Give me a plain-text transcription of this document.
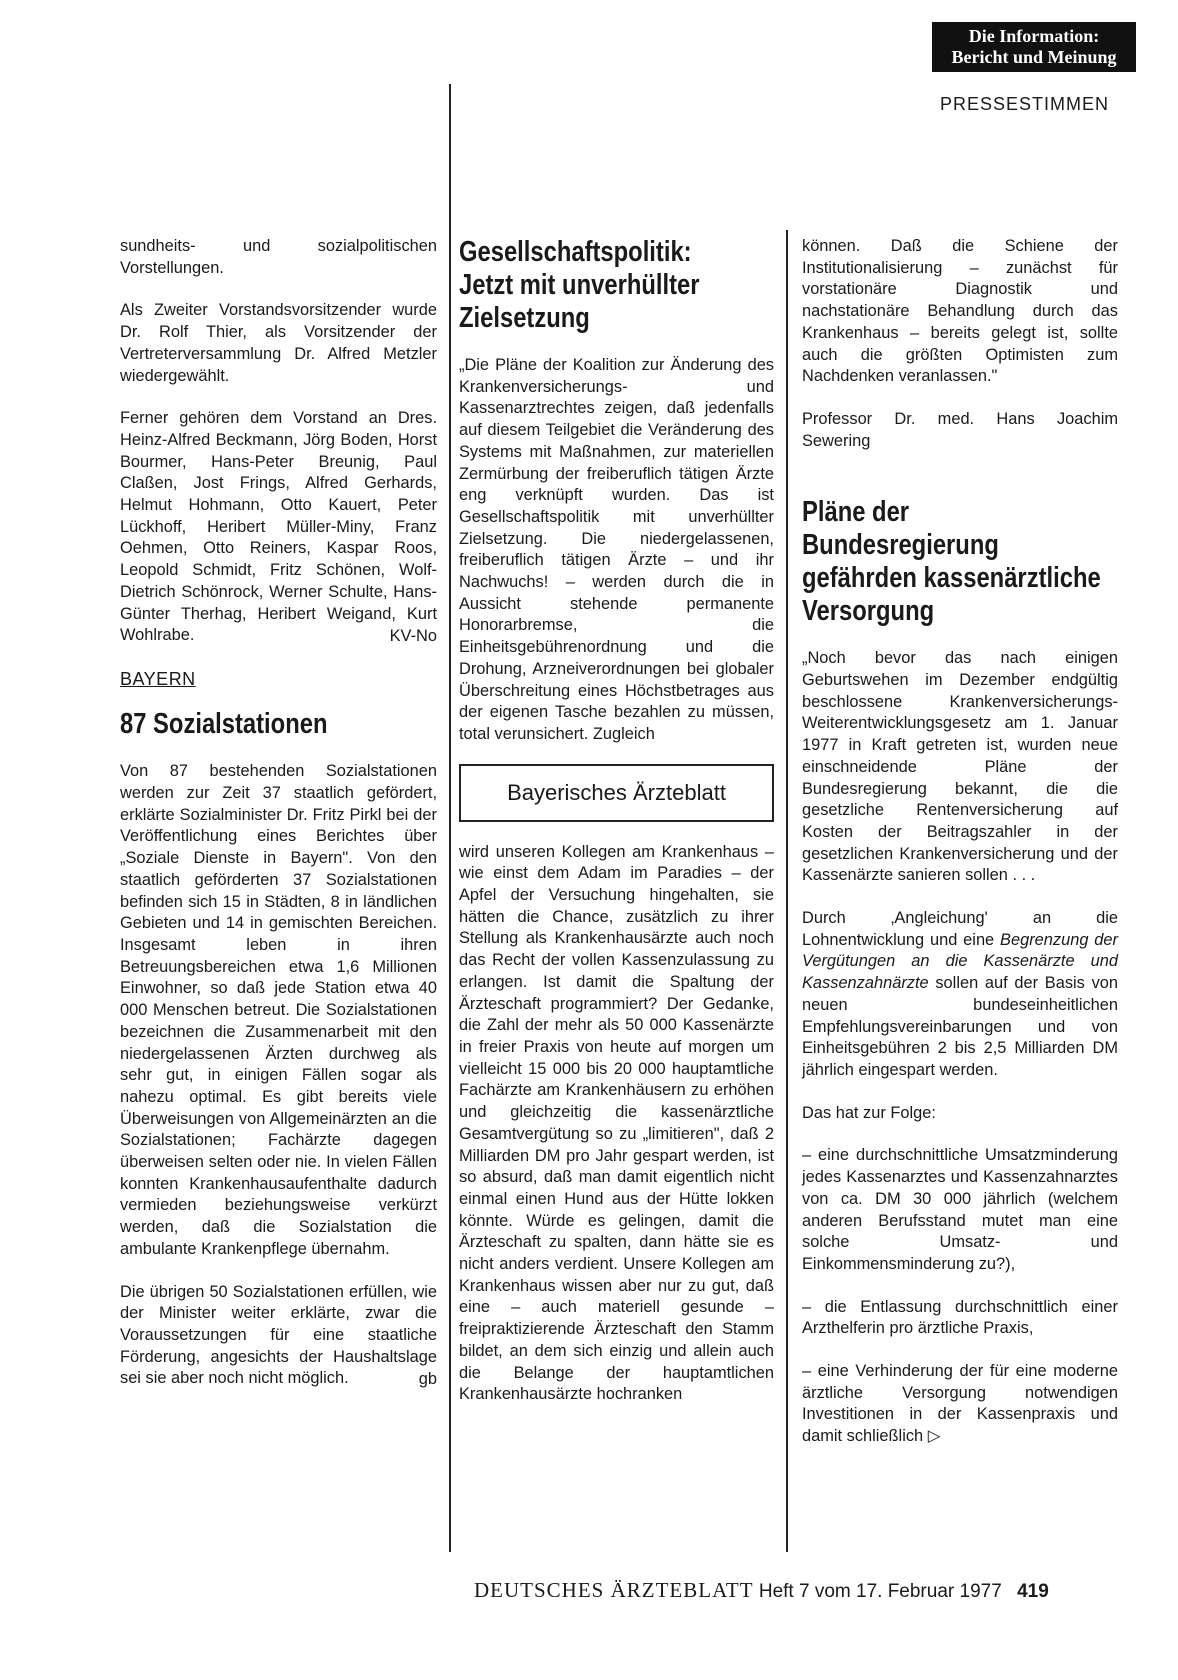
Die Information:
Bericht und Meinung
PRESSESTIMMEN

sundheits- und sozialpolitischen Vorstellungen.

Als Zweiter Vorstandsvorsitzender wurde Dr. Rolf Thier, als Vorsitzender der Vertreterversammlung Dr. Alfred Metzler wiedergewählt.

Ferner gehören dem Vorstand an Dres. Heinz-Alfred Beckmann, Jörg Boden, Horst Bourmer, Hans-Peter Breunig, Paul Claßen, Jost Frings, Alfred Gerhards, Helmut Hohmann, Otto Kauert, Peter Lückhoff, Heribert Müller-Miny, Franz Oehmen, Otto Reiners, Kaspar Roos, Leopold Schmidt, Fritz Schönen, Wolf-Dietrich Schönrock, Werner Schulte, Hans-Günter Therhag, Heribert Weigand, Kurt Wohlrabe.	KV-No
BAYERN
87 Sozialstationen

Von 87 bestehenden Sozialstationen werden zur Zeit 37 staatlich gefördert, erklärte Sozialminister Dr. Fritz Pirkl bei der Veröffentlichung eines Berichtes über „Soziale Dienste in Bayern". Von den staatlich geförderten 37 Sozialstationen befinden sich 15 in Städten, 8 in ländlichen Gebieten und 14 in gemischten Bereichen. Insgesamt leben in ihren Betreuungsbereichen etwa 1,6 Millionen Einwohner, so daß jede Station etwa 40 000 Menschen betreut. Die Sozialstationen bezeichnen die Zusammenarbeit mit den niedergelassenen Ärzten durchweg als sehr gut, in einigen Fällen sogar als nahezu optimal. Es gibt bereits viele Überweisungen von Allgemeinärzten an die Sozialstationen; Fachärzte dagegen überweisen selten oder nie. In vielen Fällen konnten Krankenhausaufenthalte dadurch vermieden beziehungsweise verkürzt werden, daß die Sozialstation die ambulante Krankenpflege übernahm.

Die übrigen 50 Sozialstationen erfüllen, wie der Minister weiter erklärte, zwar die Voraussetzungen für eine staatliche Förderung, angesichts der Haushaltslage sei sie aber noch nicht möglich.	gb
Gesellschaftspolitik:
Jetzt mit unverhüllter
Zielsetzung

„Die Pläne der Koalition zur Änderung des Krankenversicherungs- und Kassenarztrechtes zeigen, daß jedenfalls auf diesem Teilgebiet die Veränderung des Systems mit Maßnahmen, zur materiellen Zermürbung der freiberuflich tätigen Ärzte eng verknüpft wurden. Das ist Gesellschaftspolitik mit unverhüllter Zielsetzung. Die niedergelassenen, freiberuflich tätigen Ärzte – und ihr Nachwuchs! – werden durch die in Aussicht stehende permanente Honorarbremse, die Einheitsgebührenordnung und die Drohung, Arzneiverordnungen bei globaler Überschreitung eines Höchstbetrages aus der eigenen Tasche bezahlen zu müssen, total verunsichert. Zugleich

Bayerisches Ärzteblatt

wird unseren Kollegen am Krankenhaus – wie einst dem Adam im Paradies – der Apfel der Versuchung hingehalten, sie hätten die Chance, zusätzlich zu ihrer Stellung als Krankenhausärzte auch noch das Recht der vollen Kassenzulassung zu erlangen. Ist damit die Spaltung der Ärzteschaft programmiert? Der Gedanke, die Zahl der mehr als 50 000 Kassenärzte in freier Praxis von heute auf morgen um vielleicht 15 000 bis 20 000 hauptamtliche Fachärzte am Krankenhäusern zu erhöhen und gleichzeitig die kassenärztliche Gesamtvergütung so zu „limitieren", daß 2 Milliarden DM pro Jahr gespart werden, ist so absurd, daß man damit eigentlich nicht einmal einen Hund aus der Hütte lokken könnte. Würde es gelingen, damit die Ärzteschaft zu spalten, dann hätte sie es nicht anders verdient. Unsere Kollegen am Krankenhaus wissen aber nur zu gut, daß eine – auch materiell gesunde – freipraktizierende Ärzteschaft den Stamm bildet, an dem sich einzig und allein auch die Belange der hauptamtlichen Krankenhausärzte hochranken

können. Daß die Schiene der Institutionalisierung – zunächst für vorstationäre Diagnostik und nachstationäre Behandlung durch das Krankenhaus – bereits gelegt ist, sollte auch die größten Optimisten zum Nachdenken veranlassen."

Professor Dr. med. Hans Joachim Sewering

Pläne der
Bundesregierung
gefährden kassenärztliche
Versorgung

„Noch bevor das nach einigen Geburtswehen im Dezember endgültig beschlossene Krankenversicherungs-Weiterentwicklungsgesetz am 1. Januar 1977 in Kraft getreten ist, wurden neue einschneidende Pläne der Bundesregierung bekannt, die die gesetzliche Rentenversicherung auf Kosten der Beitragszahler in der gesetzlichen Krankenversicherung und der Kassenärzte sanieren sollen . . .

Durch ‚Angleichung' an die Lohnentwicklung und eine Begrenzung der Vergütungen an die Kassenärzte und Kassenzahnärzte sollen auf der Basis von neuen bundeseinheitlichen Empfehlungsvereinbarungen und von Einheitsgebühren 2 bis 2,5 Milliarden DM jährlich eingespart werden.

Das hat zur Folge:

– eine durchschnittliche Umsatzminderung jedes Kassenarztes und Kassenzahnarztes von ca. DM 30 000 jährlich (welchem anderen Berufsstand mutet man eine solche Umsatz- und Einkommensminderung zu?),

– die Entlassung durchschnittlich einer Arzthelferin pro ärztliche Praxis,

– eine Verhinderung der für eine moderne ärztliche Versorgung notwendigen Investitionen in der Kassenpraxis und damit schließlich ▷

DEUTSCHES ÄRZTEBLATT Heft 7 vom 17. Februar 1977 419
